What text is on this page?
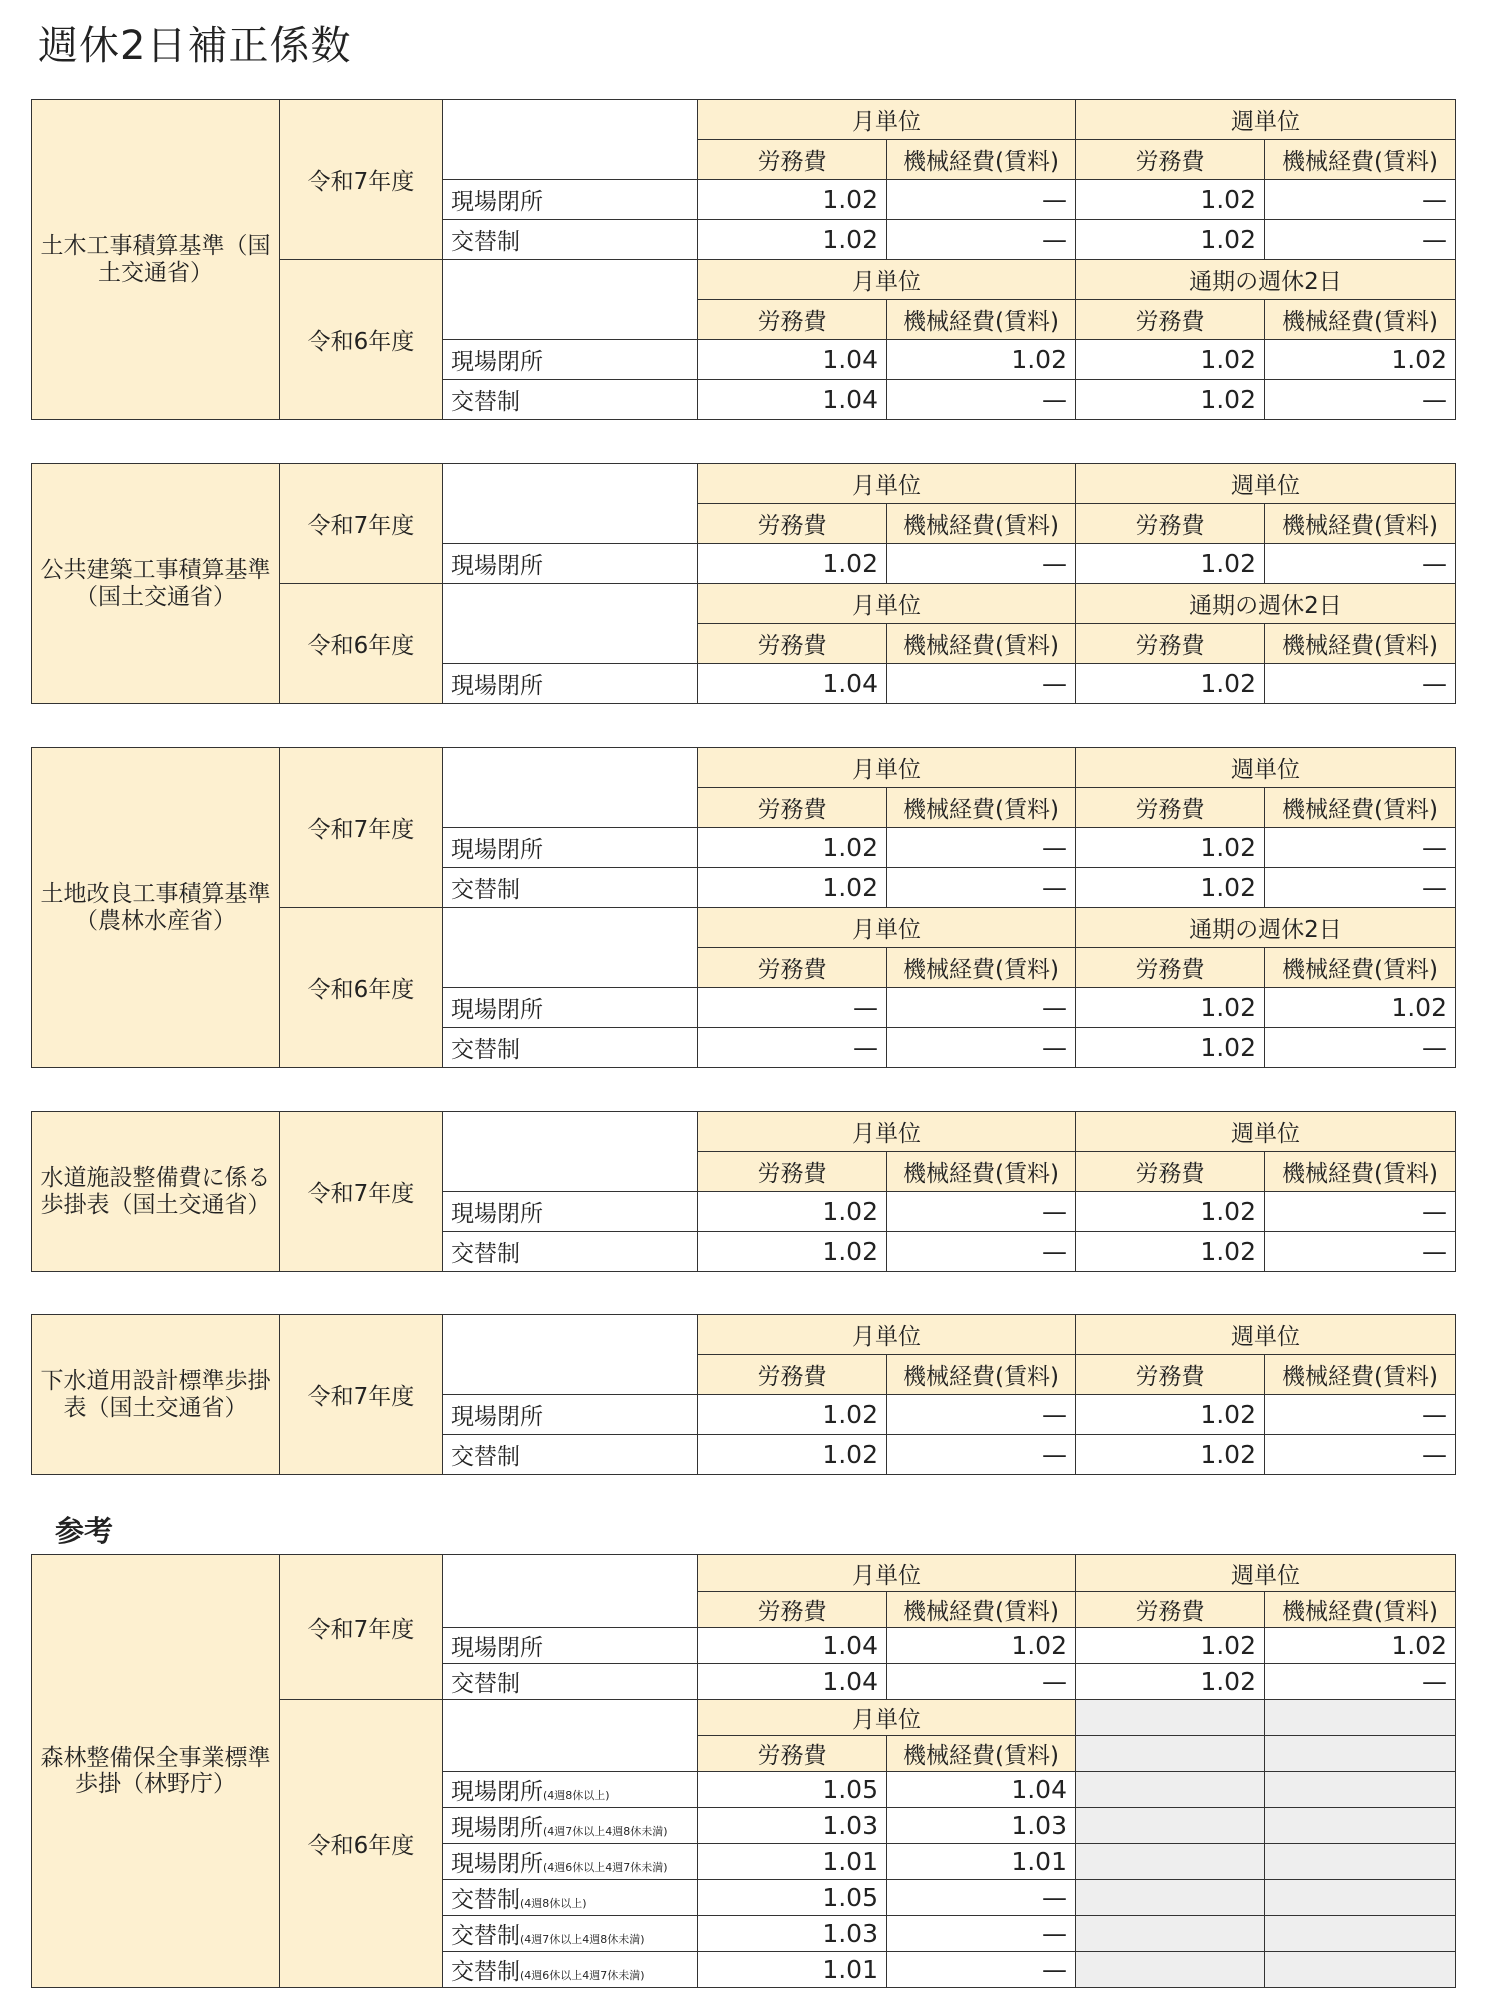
週休2日補正係数
土木工事積算基準（国土交通省）	令和7年度		月単位		週単位	
			労務費	機械経費(賃料)	労務費	機械経費(賃料)
		現場閉所	1.02	—	1.02	—
		交替制	1.02	—	1.02	—
	令和6年度		月単位		通期の週休2日	
			労務費	機械経費(賃料)	労務費	機械経費(賃料)
		現場閉所	1.04	1.02	1.02	1.02
		交替制	1.04	—	1.02	—
公共建築工事積算基準（国土交通省）	令和7年度		月単位		週単位	
			労務費	機械経費(賃料)	労務費	機械経費(賃料)
		現場閉所	1.02	—	1.02	—
	令和6年度		月単位		通期の週休2日	
			労務費	機械経費(賃料)	労務費	機械経費(賃料)
		現場閉所	1.04	—	1.02	—
土地改良工事積算基準（農林水産省）	令和7年度		月単位		週単位	
			労務費	機械経費(賃料)	労務費	機械経費(賃料)
		現場閉所	1.02	—	1.02	—
		交替制	1.02	—	1.02	—
	令和6年度		月単位		通期の週休2日	
			労務費	機械経費(賃料)	労務費	機械経費(賃料)
		現場閉所	—	—	1.02	1.02
		交替制	—	—	1.02	—
水道施設整備費に係る歩掛表（国土交通省）	令和7年度		月単位		週単位	
			労務費	機械経費(賃料)	労務費	機械経費(賃料)
		現場閉所	1.02	—	1.02	—
		交替制	1.02	—	1.02	—
下水道用設計標準歩掛表（国土交通省）	令和7年度		月単位		週単位	
			労務費	機械経費(賃料)	労務費	機械経費(賃料)
		現場閉所	1.02	—	1.02	—
		交替制	1.02	—	1.02	—
参考
森林整備保全事業標準歩掛（林野庁）	令和7年度		月単位		週単位	
			労務費	機械経費(賃料)	労務費	機械経費(賃料)
		現場閉所	1.04	1.02	1.02	1.02
		交替制	1.04	—	1.02	—
	令和6年度		月単位			
			労務費	機械経費(賃料)		
		現場閉所(4週8休以上)	1.05	1.04		
		現場閉所(4週7休以上4週8休未満)	1.03	1.03		
		現場閉所(4週6休以上4週7休未満)	1.01	1.01		
		交替制(4週8休以上)	1.05	—		
		交替制(4週7休以上4週8休未満)	1.03	—		
		交替制(4週6休以上4週7休未満)	1.01	—		
